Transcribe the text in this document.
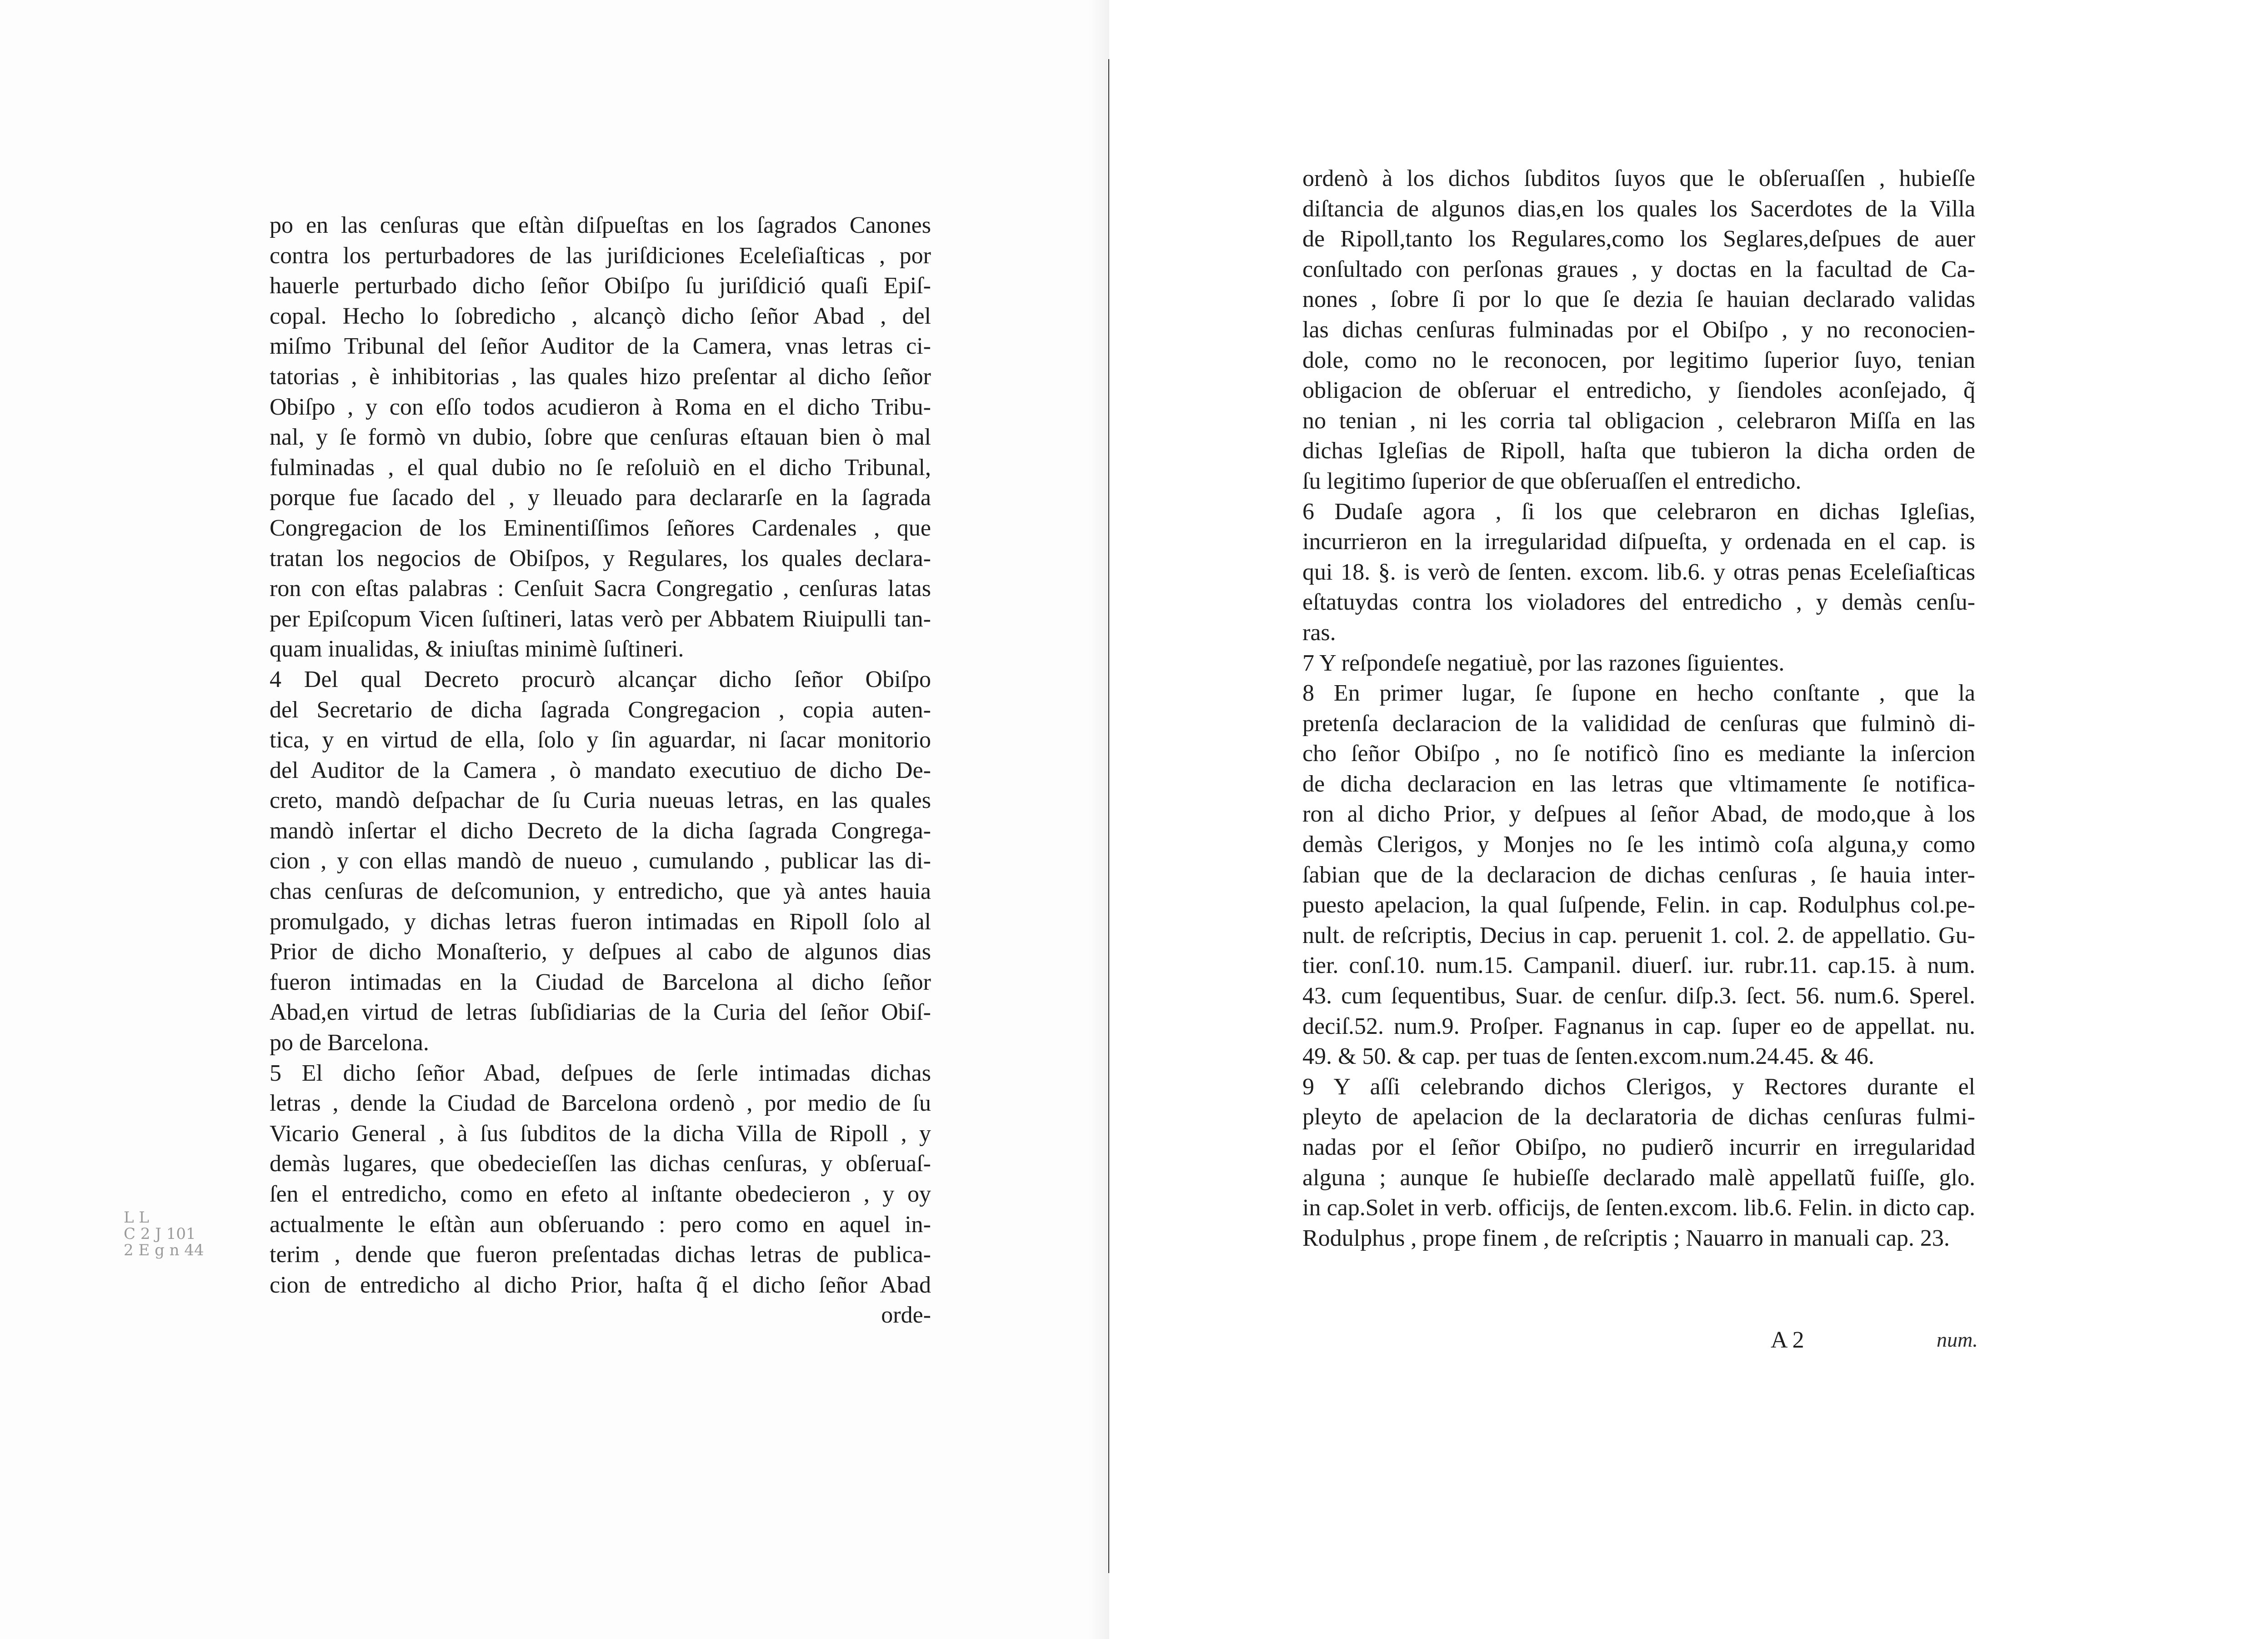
po en las cenſuras que eſtàn diſpueſtas en los ſagrados Canones
contra los perturbadores de las juriſdiciones Eceleſiaſticas , por
hauerle perturbado dicho ſeñor Obiſpo ſu juriſdició quaſi Epiſ-
copal. Hecho lo ſobredicho , alcançò dicho ſeñor Abad , del
miſmo Tribunal del ſeñor Auditor de la Camera, vnas letras ci-
tatorias , è inhibitorias , las quales hizo preſentar al dicho ſeñor
Obiſpo , y con eſſo todos acudieron à Roma en el dicho Tribu-
nal, y ſe formò vn dubio, ſobre que cenſuras eſtauan bien ò mal
fulminadas , el qual dubio no ſe reſoluiò en el dicho Tribunal,
porque fue ſacado del , y lleuado para declararſe en la ſagrada
Congregacion de los Eminentiſſimos ſeñores Cardenales , que
tratan los negocios de Obiſpos, y Regulares, los quales declara-
ron con eſtas palabras : Cenſuit Sacra Congregatio , cenſuras latas
per Epiſcopum Vicen ſuſtineri, latas verò per Abbatem Riuipulli tan-
quam inualidas, & iniuſtas minimè ſuſtineri.
4 Del qual Decreto procurò alcançar dicho ſeñor Obiſpo
del Secretario de dicha ſagrada Congregacion , copia auten-
tica, y en virtud de ella, ſolo y ſin aguardar, ni ſacar monitorio
del Auditor de la Camera , ò mandato executiuo de dicho De-
creto, mandò deſpachar de ſu Curia nueuas letras, en las quales
mandò inſertar el dicho Decreto de la dicha ſagrada Congrega-
cion , y con ellas mandò de nueuo , cumulando , publicar las di-
chas cenſuras de deſcomunion, y entredicho, que yà antes hauia
promulgado, y dichas letras fueron intimadas en Ripoll ſolo al
Prior de dicho Monaſterio, y deſpues al cabo de algunos dias
fueron intimadas en la Ciudad de Barcelona al dicho ſeñor
Abad,en virtud de letras ſubſidiarias de la Curia del ſeñor Obiſ-
po de Barcelona.
5 El dicho ſeñor Abad, deſpues de ſerle intimadas dichas
letras , dende la Ciudad de Barcelona ordenò , por medio de ſu
Vicario General , à ſus ſubditos de la dicha Villa de Ripoll , y
demàs lugares, que obedecieſſen las dichas cenſuras, y obſeruaſ-
ſen el entredicho, como en efeto al inſtante obedecieron , y oy
actualmente le eſtàn aun obſeruando : pero como en aquel in-
terim , dende que fueron preſentadas dichas letras de publica-
cion de entredicho al dicho Prior, haſta q̃ el dicho ſeñor Abad
orde-
L L
C 2 J 101
2 E g n 44
ordenò à los dichos ſubditos ſuyos que le obſeruaſſen , hubieſſe
diſtancia de algunos dias,en los quales los Sacerdotes de la Villa
de Ripoll,tanto los Regulares,como los Seglares,deſpues de auer
conſultado con perſonas graues , y doctas en la facultad de Ca-
nones , ſobre ſi por lo que ſe dezia ſe hauian declarado validas
las dichas cenſuras fulminadas por el Obiſpo , y no reconocien-
dole, como no le reconocen, por legitimo ſuperior ſuyo, tenian
obligacion de obſeruar el entredicho, y ſiendoles aconſejado, q̃
no tenian , ni les corria tal obligacion , celebraron Miſſa en las
dichas Igleſias de Ripoll, haſta que tubieron la dicha orden de
ſu legitimo ſuperior de que obſeruaſſen el entredicho.
6 Dudaſe agora , ſi los que celebraron en dichas Igleſias,
incurrieron en la irregularidad diſpueſta, y ordenada en el cap. is
qui 18. §. is verò de ſenten. excom. lib.6. y otras penas Eceleſiaſticas
eſtatuydas contra los violadores del entredicho , y demàs cenſu-
ras.
7 Y reſpondeſe negatiuè, por las razones ſiguientes.
8 En primer lugar, ſe ſupone en hecho conſtante , que la
pretenſa declaracion de la valididad de cenſuras que fulminò di-
cho ſeñor Obiſpo , no ſe notificò ſino es mediante la inſercion
de dicha declaracion en las letras que vltimamente ſe notifica-
ron al dicho Prior, y deſpues al ſeñor Abad, de modo,que à los
demàs Clerigos, y Monjes no ſe les intimò coſa alguna,y como
ſabian que de la declaracion de dichas cenſuras , ſe hauia inter-
puesto apelacion, la qual ſuſpende, Felin. in cap. Rodulphus col.pe-
nult. de reſcriptis, Decius in cap. peruenit 1. col. 2. de appellatio. Gu-
tier. conſ.10. num.15. Campanil. diuerſ. iur. rubr.11. cap.15. à num.
43. cum ſequentibus, Suar. de cenſur. diſp.3. ſect. 56. num.6. Sperel.
deciſ.52. num.9. Proſper. Fagnanus in cap. ſuper eo de appellat. nu.
49. & 50. & cap. per tuas de ſenten.excom.num.24.45. & 46.
9 Y aſſi celebrando dichos Clerigos, y Rectores durante el
pleyto de apelacion de la declaratoria de dichas cenſuras fulmi-
nadas por el ſeñor Obiſpo, no pudierõ incurrir en irregularidad
alguna ; aunque ſe hubieſſe declarado malè appellatũ fuiſſe, glo.
in cap.Solet in verb. officijs, de ſenten.excom. lib.6. Felin. in dicto cap.
Rodulphus , prope finem , de reſcriptis ; Nauarro in manuali cap. 23.
A 2	num.
